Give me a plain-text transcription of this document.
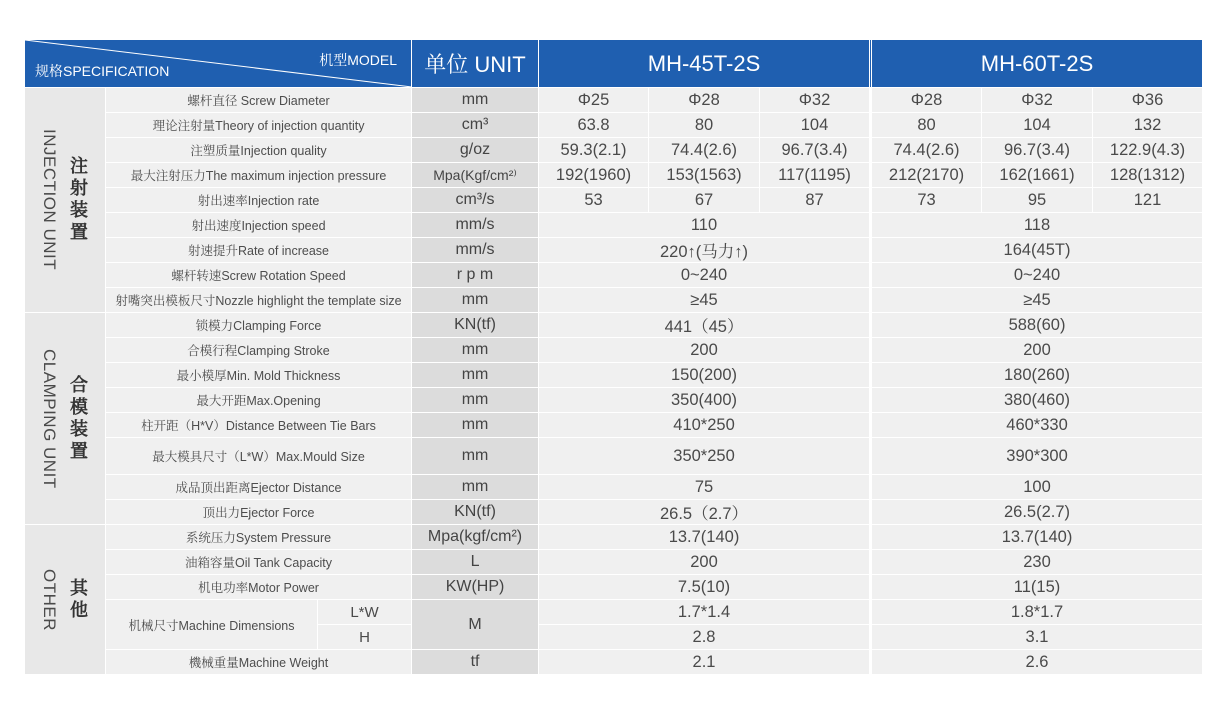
机型MODEL
规格SPECIFICATION			单位 UNIT	MH-45T-2S				MH-60T-2S		

INJECTION UNIT 注射装置	螺杆直径 Screw Diameter		mm	Φ25	Φ28	Φ32		Φ28	Φ32	Φ36
	理论注射量Theory of injection quantity		cm³	63.8	80	104		80	104	132
	注塑质量Injection quality		g/oz	59.3(2.1)	74.4(2.6)	96.7(3.4)		74.4(2.6)	96.7(3.4)	122.9(4.3)
	最大注射压力The maximum injection pressure		Mpa(Kgf/cm²⁾	192(1960)	153(1563)	117(1195)		212(2170)	162(1661)	128(1312)
	射出速率Injection rate		cm³/s	53	67	87		73	95	121
	射出速度Injection speed		mm/s	110				118		
	射速提升Rate of increase		mm/s	220↑(马力↑)				164(45T)		
	螺杆转速Screw Rotation Speed		r p m	0~240				0~240		
	射嘴突出模板尺寸Nozzle highlight the template size		mm	≥45				≥45		

CLAMPING UNIT 合模装置	锁模力Clamping Force		KN(tf)	441（45）				588(60)		
	合模行程Clamping Stroke		mm	200				200		
	最小模厚Min. Mold Thickness		mm	150(200)				180(260)		
	最大开距Max.Opening		mm	350(400)				380(460)		
	柱开距（H*V）Distance Between Tie Bars		mm	410*250				460*330		
	最大模具尺寸（L*W）Max.Mould Size		mm	350*250				390*300		
	成品顶出距离Ejector Distance		mm	75				100		
	顶出力Ejector Force		KN(tf)	26.5（2.7）				26.5(2.7)		

OTHER 其他	系统压力System Pressure		Mpa(kgf/cm²)	13.7(140)				13.7(140)		
	油箱容量Oil Tank Capacity		L	200				230		
	机电功率Motor Power		KW(HP)	7.5(10)				11(15)		
	机械尺寸Machine Dimensions	L*W	M	1.7*1.4				1.8*1.7		
		H		2.8				3.1		
	機械重量Machine Weight		tf	2.1				2.6		
